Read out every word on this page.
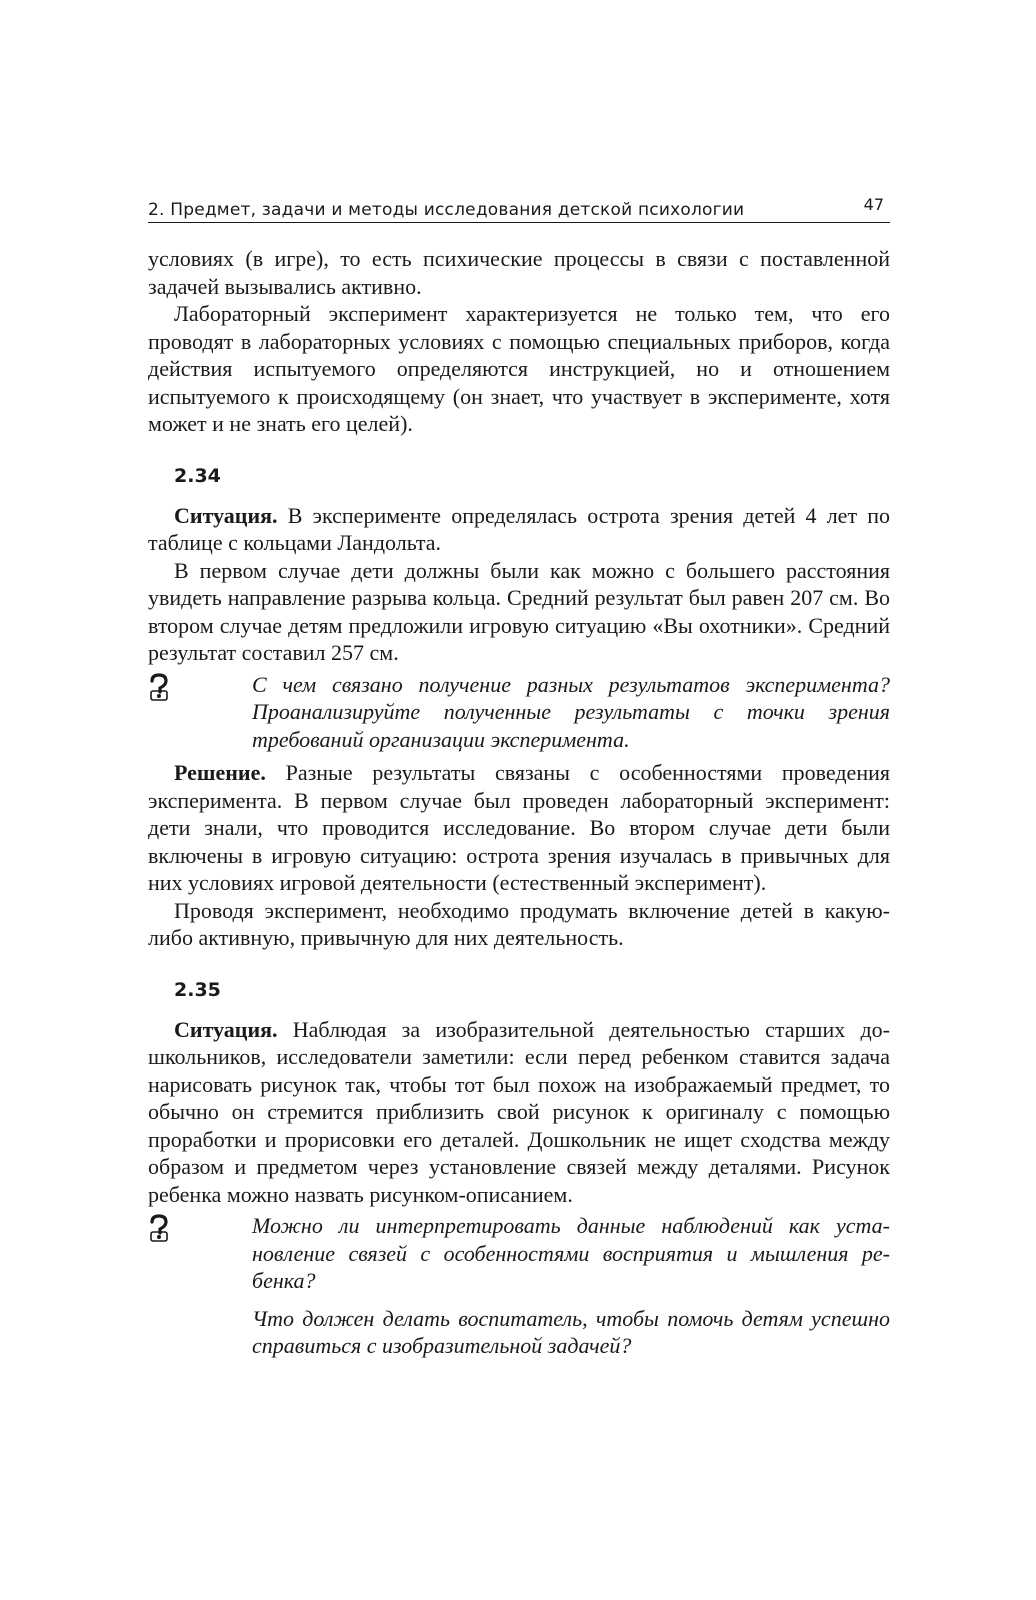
2. Предмет, задачи и методы исследования детской психологии	47

условиях (в игре), то есть психические процессы в связи с поставленной задачей вызывались активно.

Лабораторный эксперимент характеризуется не только тем, что его проводят в лабораторных условиях с помощью специальных приборов, когда действия испытуемого определяются инструкцией, но и отношением испытуемого к происходящему (он знает, что участвует в эксперименте, хотя может и не знать его целей).

2.34

Ситуация. В эксперименте определялась острота зрения детей 4 лет по таблице с кольцами Ландольта.

В первом случае дети должны были как можно с большего расстояния увидеть направление разрыва кольца. Средний результат был равен 207 см. Во втором случае детям предложили игровую ситуацию «Вы охотники». Средний результат составил 257 см.

С чем связано получение разных результатов эксперимента? Проанализируйте полученные результаты с точки зрения требований организации эксперимента.

Решение. Разные результаты связаны с особенностями проведения эксперимента. В первом случае был проведен лабораторный эксперимент: дети знали, что проводится исследование. Во втором случае дети были включены в игровую ситуацию: острота зрения изучалась в привычных для них условиях игровой деятельности (естественный эксперимент).

Проводя эксперимент, необходимо продумать включение детей в какую-либо активную, привычную для них деятельность.

2.35

Ситуация. Наблюдая за изобразительной деятельностью старших дошкольников, исследователи заметили: если перед ребенком ставится задача нарисовать рисунок так, чтобы тот был похож на изображаемый предмет, то обычно он стремится приблизить свой рисунок к оригиналу с помощью проработки и прорисовки его деталей. Дошкольник не ищет сходства между образом и предметом через установление связей между деталями. Рисунок ребенка можно назвать рисунком-описанием.

Можно ли интерпретировать данные наблюдений как установление связей с особенностями восприятия и мышления ребенка?

Что должен делать воспитатель, чтобы помочь детям успешно справиться с изобразительной задачей?
